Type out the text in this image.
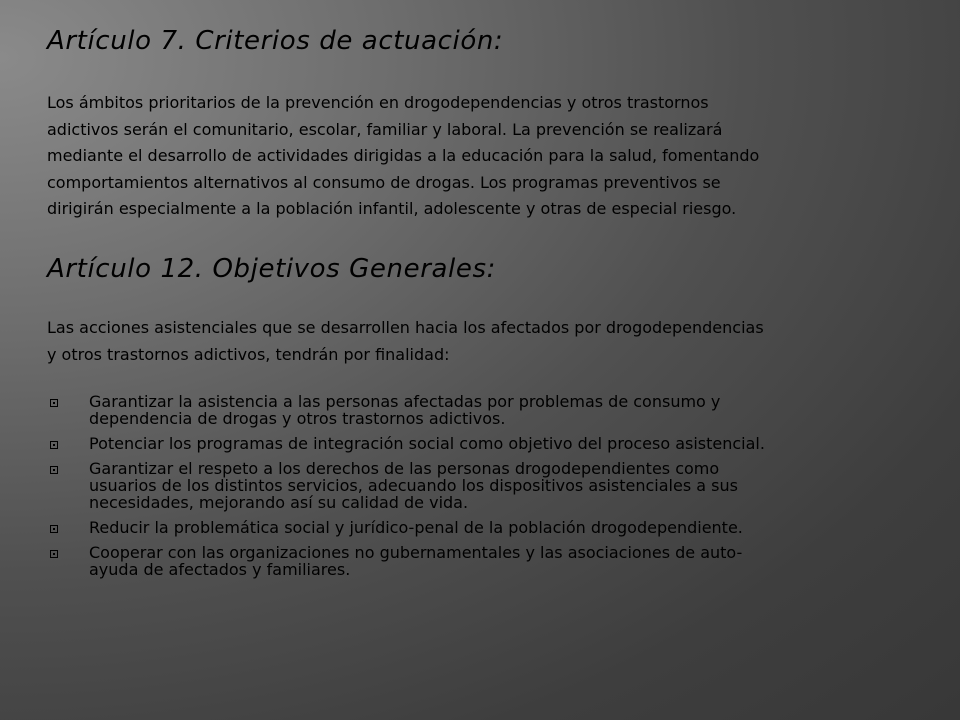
Artículo 7. Criterios de actuación:

Los ámbitos prioritarios de la prevención en drogodependencias y otros trastornos
adictivos serán el comunitario, escolar, familiar y laboral. La prevención se realizará
mediante el desarrollo de actividades dirigidas a la educación para la salud, fomentando
comportamientos alternativos al consumo de drogas. Los programas preventivos se
dirigirán especialmente a la población infantil, adolescente y otras de especial riesgo.

Artículo 12. Objetivos Generales:

Las acciones asistenciales que se desarrollen hacia los afectados por drogodependencias
y otros trastornos adictivos, tendrán por finalidad:

Garantizar la asistencia a las personas afectadas por problemas de consumo y
dependencia de drogas y otros trastornos adictivos.
Potenciar los programas de integración social como objetivo del proceso asistencial.
Garantizar el respeto a los derechos de las personas drogodependientes como
usuarios de los distintos servicios, adecuando los dispositivos asistenciales a sus
necesidades, mejorando así su calidad de vida.
Reducir la problemática social y jurídico-penal de la población drogodependiente.
Cooperar con las organizaciones no gubernamentales y las asociaciones de auto-
ayuda de afectados y familiares.
